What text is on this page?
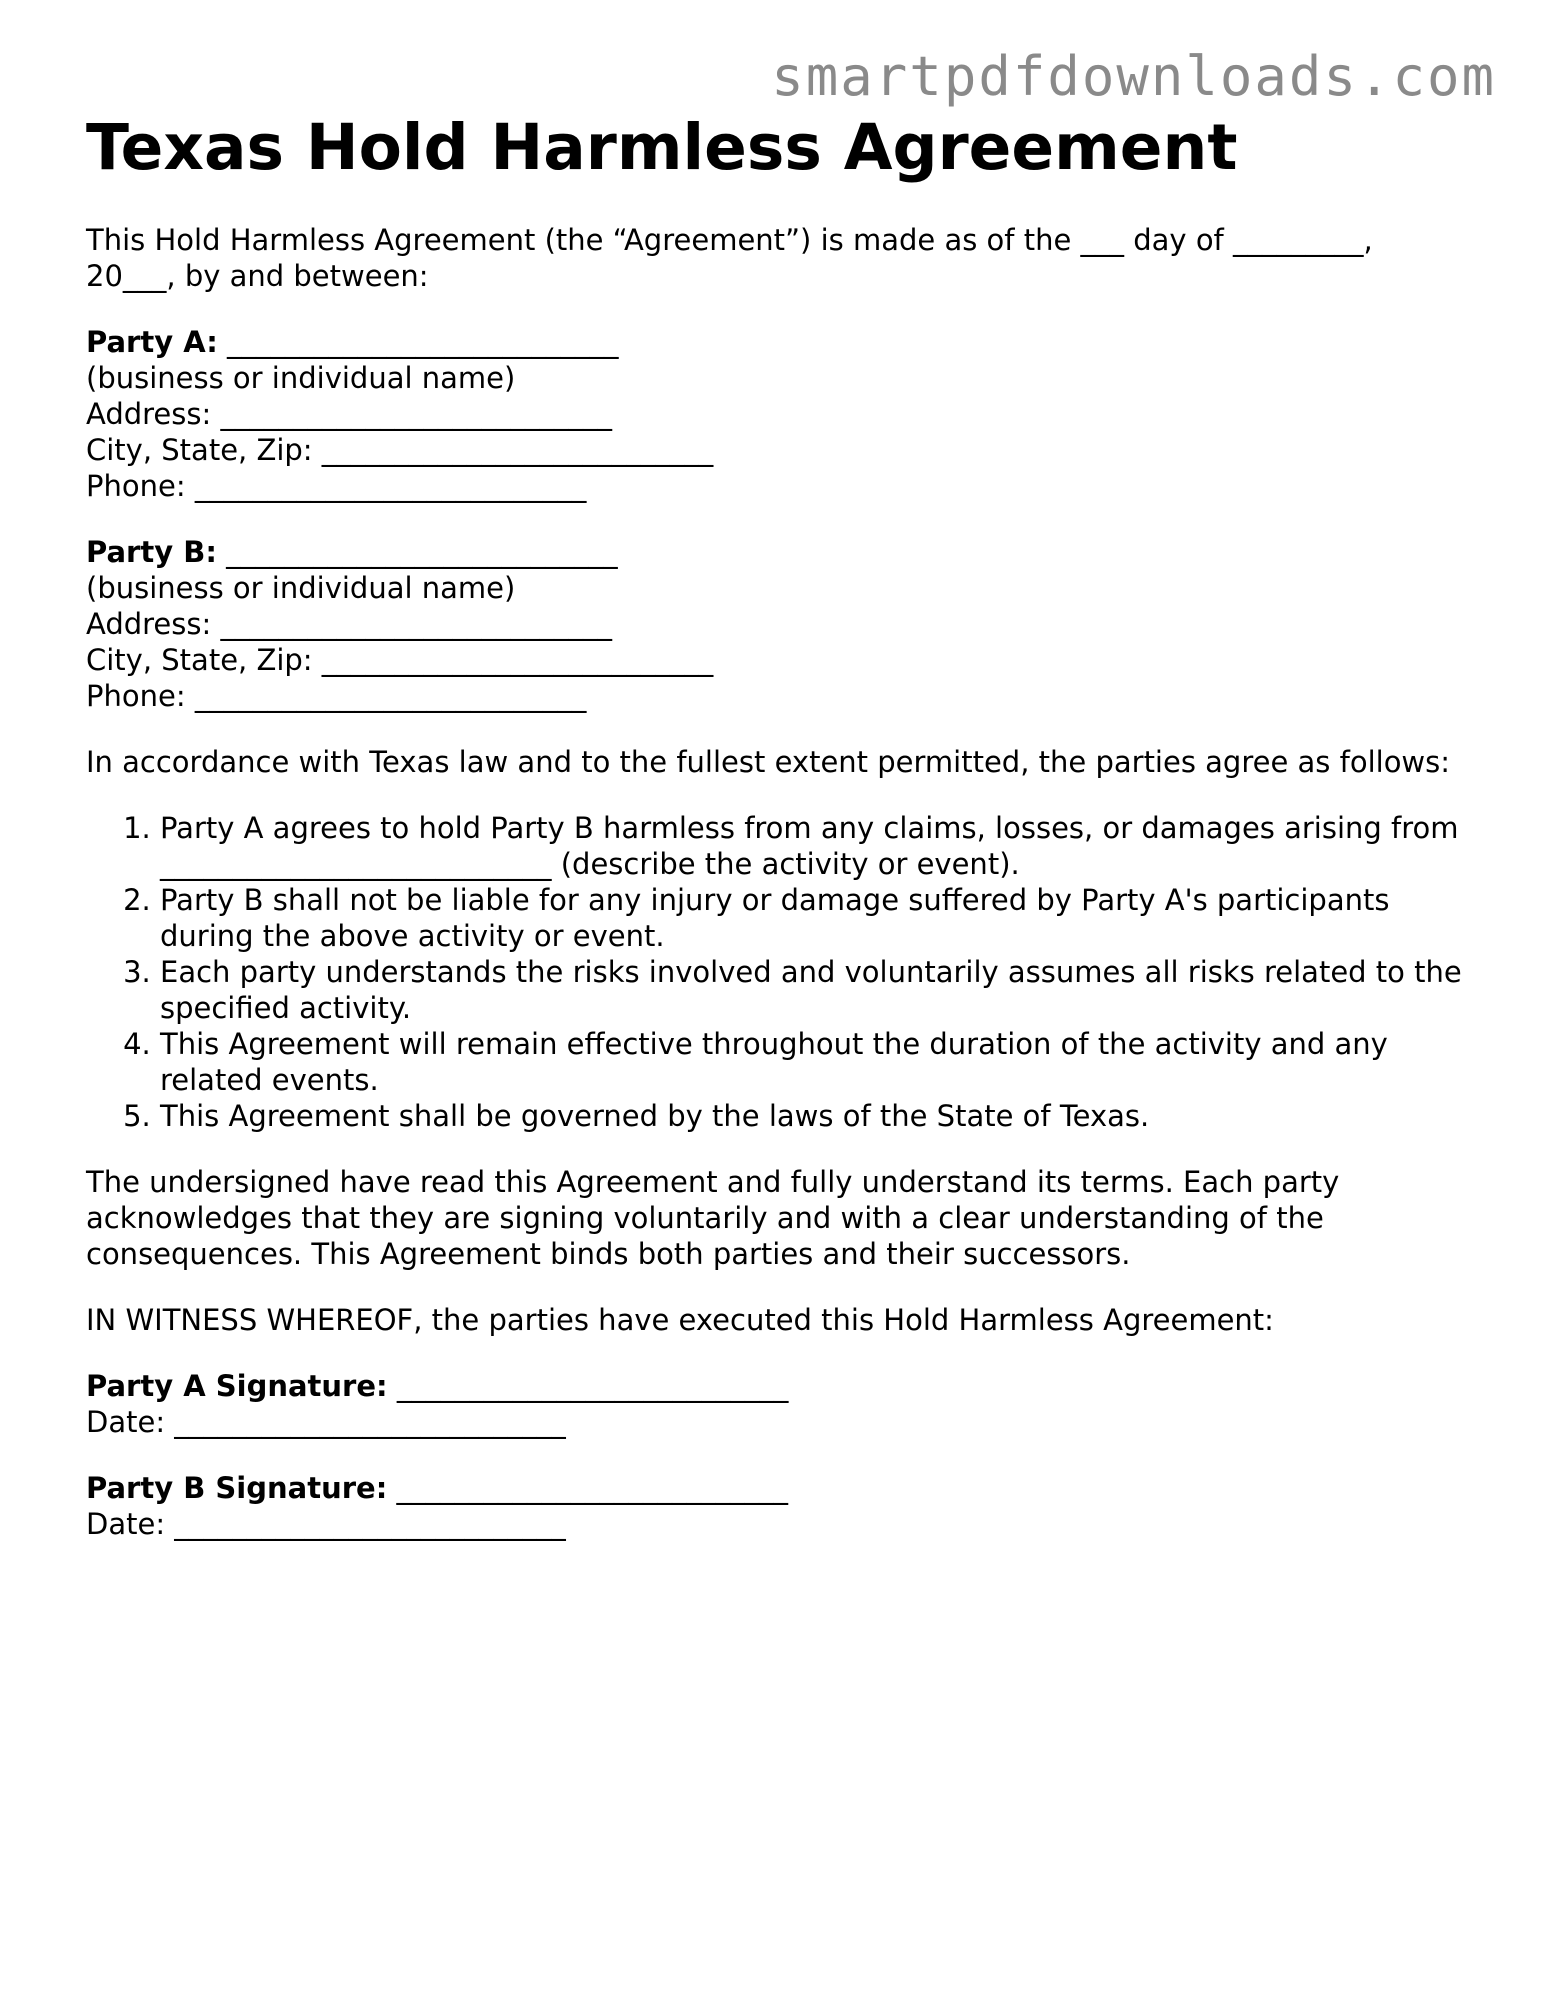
smartpdfdownloads.com
Texas Hold Harmless Agreement
This Hold Harmless Agreement (the “Agreement”) is made as of the ___ day of _________, 20___, by and between:
Party A: ___________________________
(business or individual name)
Address: ___________________________
City, State, Zip: ___________________________
Phone: ___________________________
Party B: ___________________________
(business or individual name)
Address: ___________________________
City, State, Zip: ___________________________
Phone: ___________________________
In accordance with Texas law and to the fullest extent permitted, the parties agree as follows:
1. Party A agrees to hold Party B harmless from any claims, losses, or damages arising from ___________________________ (describe the activity or event).
2. Party B shall not be liable for any injury or damage suffered by Party A's participants during the above activity or event.
3. Each party understands the risks involved and voluntarily assumes all risks related to the specified activity.
4. This Agreement will remain effective throughout the duration of the activity and any related events.
5. This Agreement shall be governed by the laws of the State of Texas.
The undersigned have read this Agreement and fully understand its terms. Each party acknowledges that they are signing voluntarily and with a clear understanding of the consequences. This Agreement binds both parties and their successors.
IN WITNESS WHEREOF, the parties have executed this Hold Harmless Agreement:
Party A Signature: ___________________________
Date: ___________________________
Party B Signature: ___________________________
Date: ___________________________
